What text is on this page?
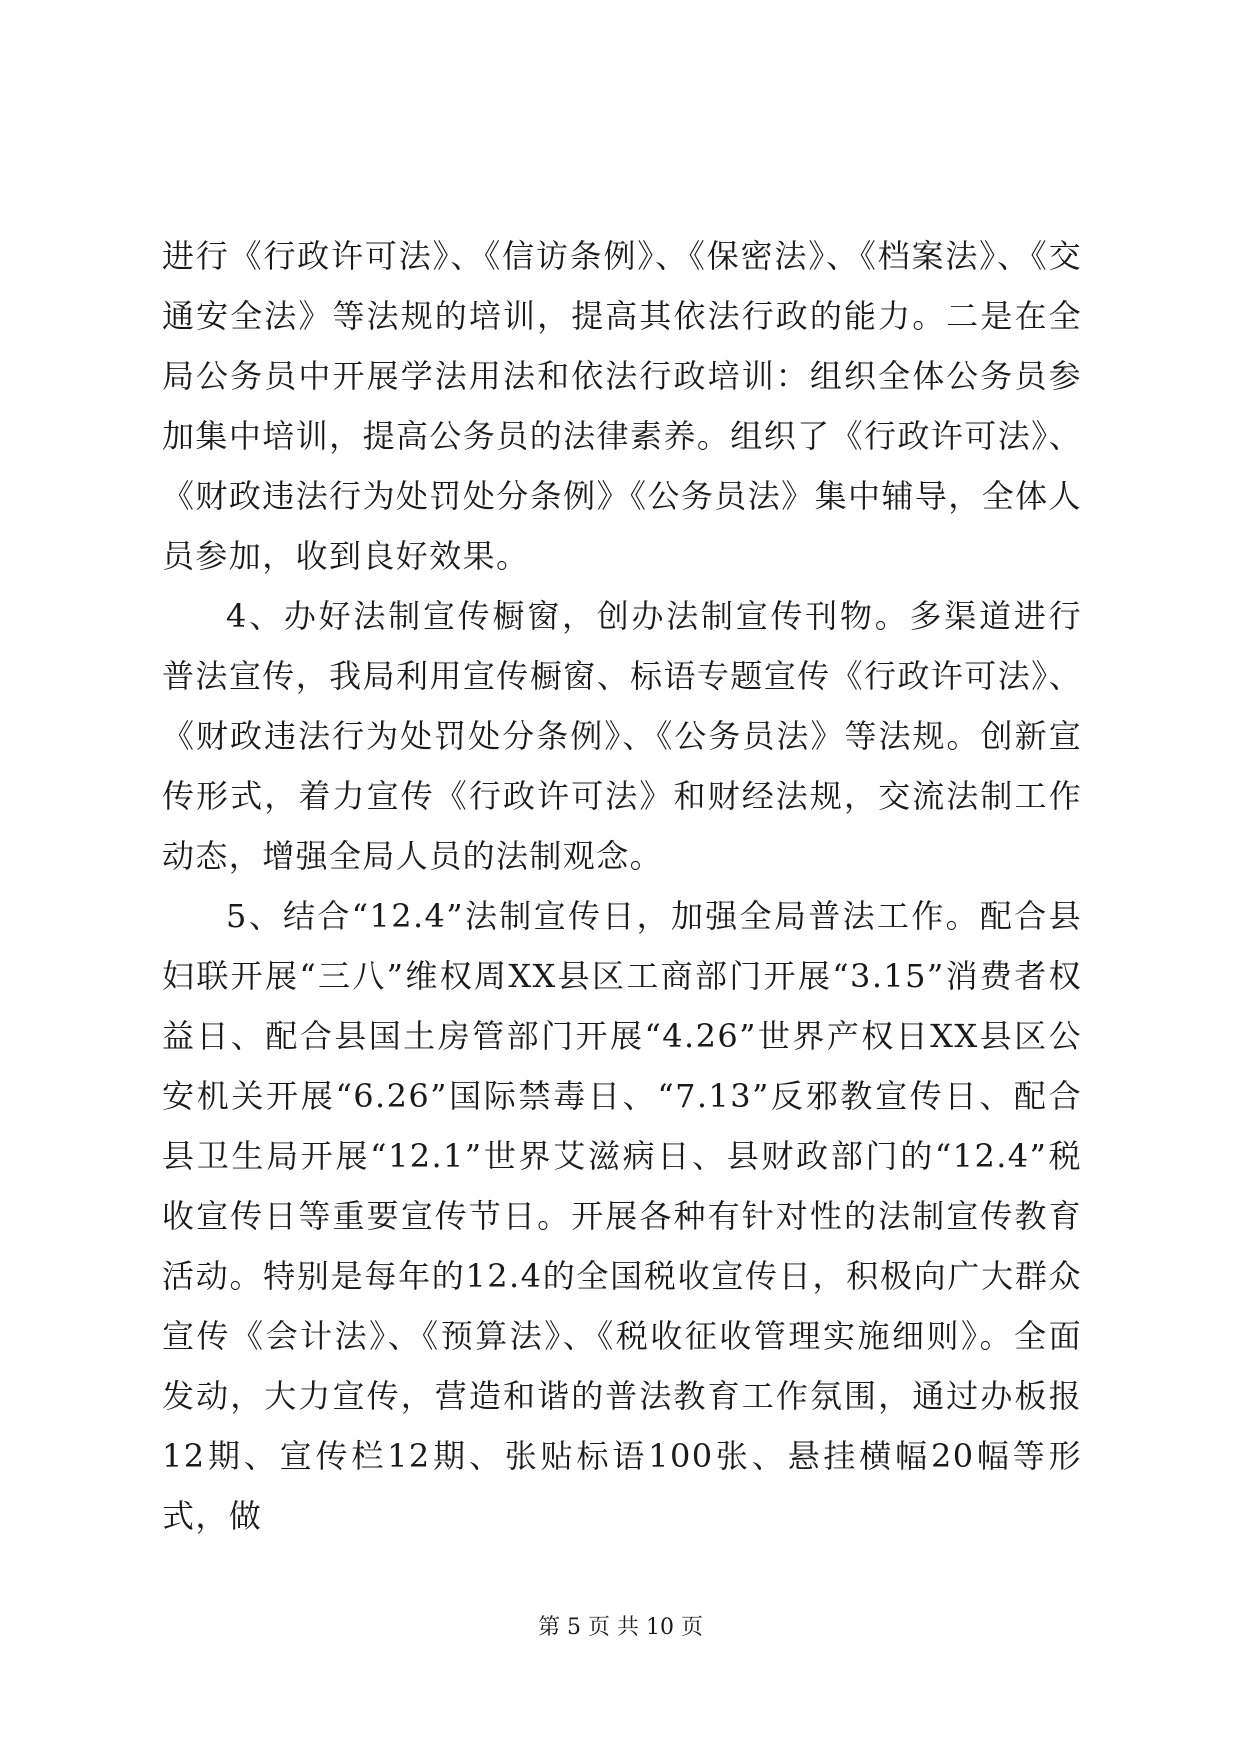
进行《行政许可法》、《信访条例》、《保密法》、《档案法》、《交通安全法》等法规的培训，提高其依法行政的能力。二是在全局公务员中开展学法用法和依法行政培训：组织全体公务员参加集中培训，提高公务员的法律素养。组织了《行政许可法》、《财政违法行为处罚处分条例》《公务员法》集中辅导，全体人员参加，收到良好效果。

4、办好法制宣传橱窗，创办法制宣传刊物。多渠道进行普法宣传，我局利用宣传橱窗、标语专题宣传《行政许可法》、《财政违法行为处罚处分条例》、《公务员法》等法规。创新宣传形式，着力宣传《行政许可法》和财经法规，交流法制工作动态，增强全局人员的法制观念。

5、结合“12.4”法制宣传日，加强全局普法工作。配合县妇联开展“三八”维权周XX县区工商部门开展“3.15”消费者权益日、配合县国土房管部门开展“4.26”世界产权日XX县区公安机关开展“6.26”国际禁毒日、“7.13”反邪教宣传日、配合县卫生局开展“12.1”世界艾滋病日、县财政部门的“12.4”税收宣传日等重要宣传节日。开展各种有针对性的法制宣传教育活动。特别是每年的12.4的全国税收宣传日，积极向广大群众宣传《会计法》、《预算法》、《税收征收管理实施细则》。全面发动，大力宣传，营造和谐的普法教育工作氛围，通过办板报12期、宣传栏12期、张贴标语100张、悬挂横幅20幅等形式，做

第 5 页 共 10 页
